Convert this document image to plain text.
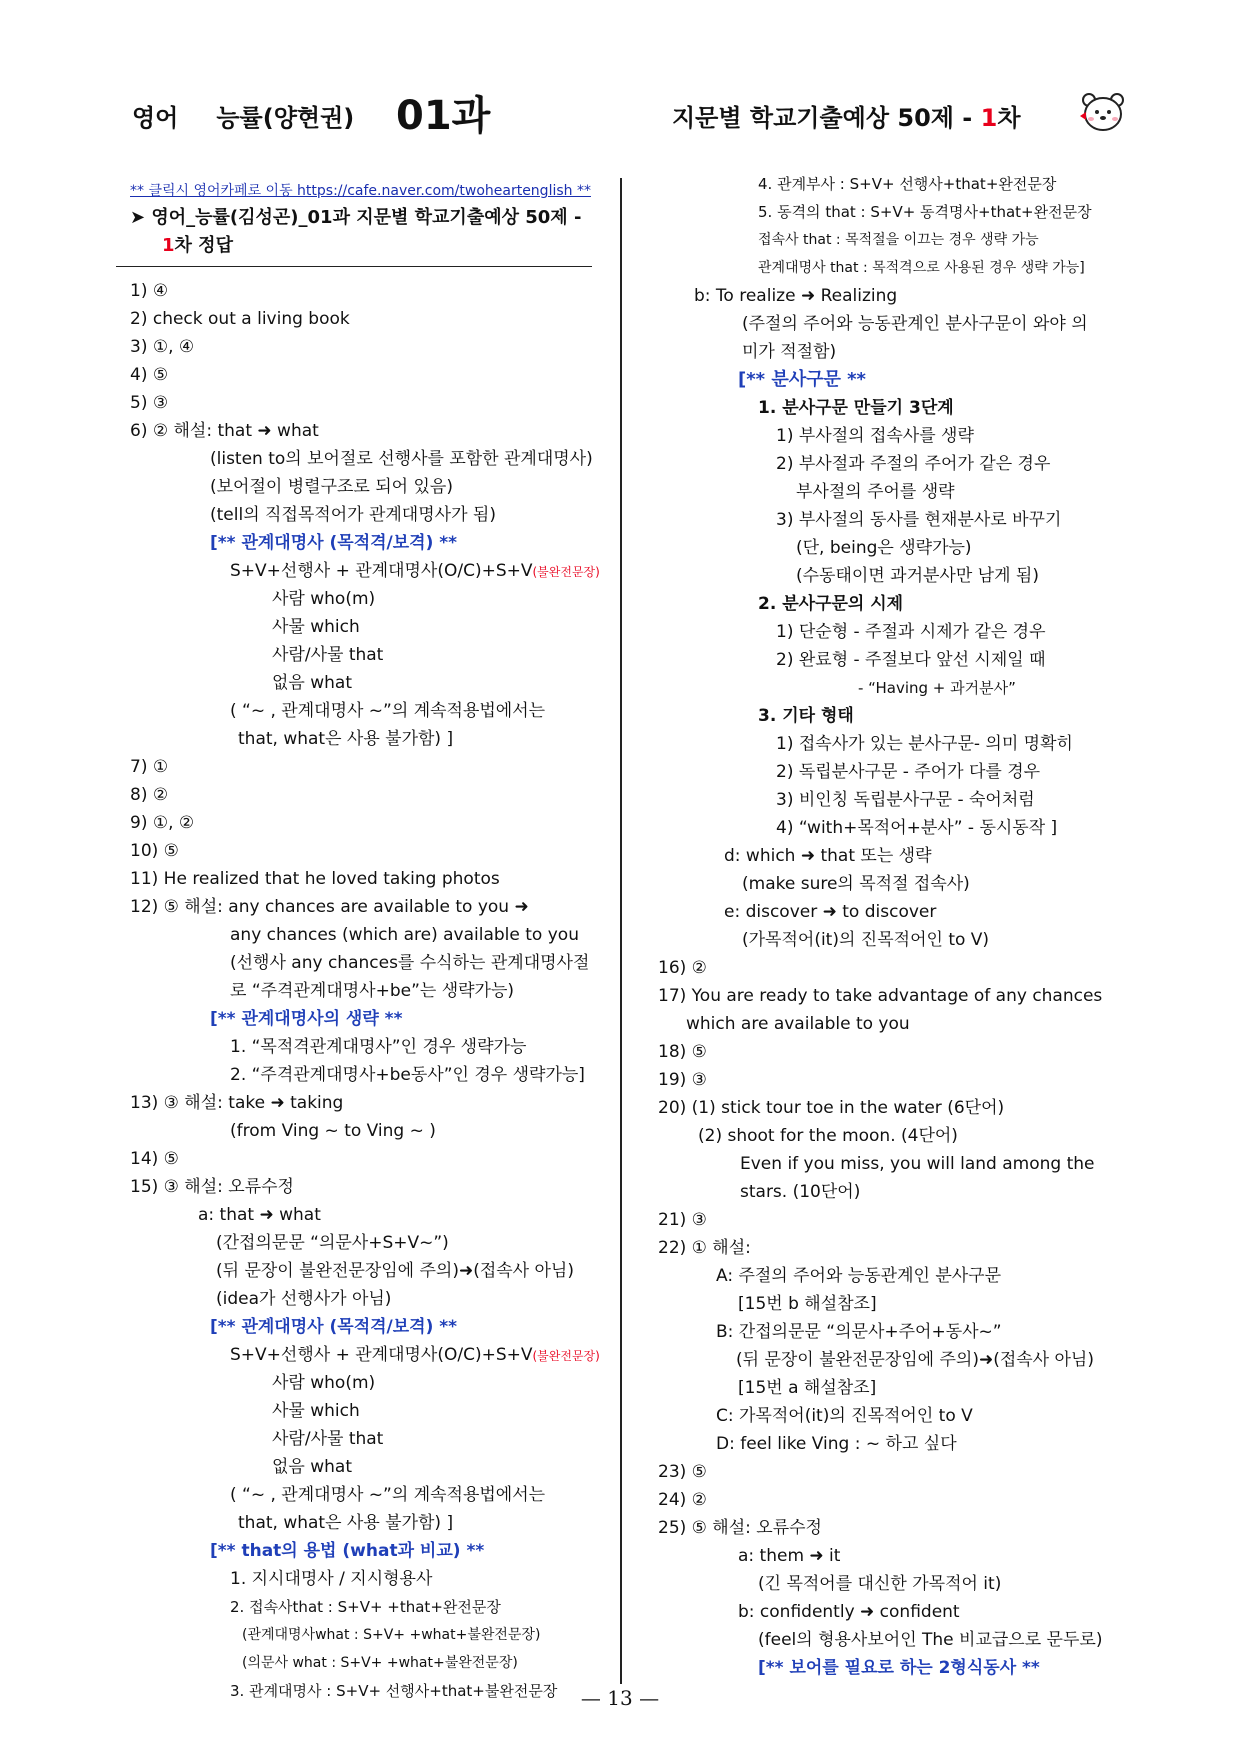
영어 능률(양현권) 01과	지문별 학교기출예상 50제 - 1차
** 클릭시 영어카페로 이동 https://cafe.naver.com/twoheartenglish **
➤ 영어_능률(김성곤)_01과 지문별 학교기출예상 50제 -
1차 정답
1) ④
2) check out a living book
3) ①, ④
4) ⑤
5) ③
6) ② 해설: that ➜ what
(listen to의 보어절로 선행사를 포함한 관계대명사)
(보어절이 병렬구조로 되어 있음)
(tell의 직접목적어가 관계대명사가 됨)
[** 관계대명사 (목적격/보격) **
S+V+선행사 + 관계대명사(O/C)+S+V(불완전문장)
사람 who(m)
사물 which
사람/사물 that
없음 what
( “~ , 관계대명사 ~”의 계속적용법에서는
that, what은 사용 불가함) ]
7) ①
8) ②
9) ①, ②
10) ⑤
11) He realized that he loved taking photos
12) ⑤ 해설: any chances are available to you ➜
any chances (which are) available to you
(선행사 any chances를 수식하는 관계대명사절
로 “주격관계대명사+be”는 생략가능)
[** 관계대명사의 생략 **
1. “목적격관계대명사”인 경우 생략가능
2. “주격관계대명사+be동사”인 경우 생략가능]
13) ③ 해설: take ➜ taking
(from Ving ~ to Ving ~ )
14) ⑤
15) ③ 해설: 오류수정
a: that ➜ what
(간접의문문 “의문사+S+V~”)
(뒤 문장이 불완전문장임에 주의)➜(접속사 아님)
(idea가 선행사가 아님)
[** 관계대명사 (목적격/보격) **
S+V+선행사 + 관계대명사(O/C)+S+V(불완전문장)
사람 who(m)
사물 which
사람/사물 that
없음 what
( “~ , 관계대명사 ~”의 계속적용법에서는
that, what은 사용 불가함) ]
[** that의 용법 (what과 비교) **
1. 지시대명사 / 지시형용사
2. 접속사that : S+V+ +that+완전문장
(관계대명사what : S+V+ +what+불완전문장)
(의문사 what : S+V+ +what+불완전문장)
3. 관계대명사 : S+V+ 선행사+that+불완전문장
4. 관계부사 : S+V+ 선행사+that+완전문장
5. 동격의 that : S+V+ 동격명사+that+완전문장
접속사 that : 목적절을 이끄는 경우 생략 가능
관계대명사 that : 목적격으로 사용된 경우 생략 가능]
b: To realize ➜ Realizing
(주절의 주어와 능동관계인 분사구문이 와야 의
미가 적절함)
[** 분사구문 **
1. 분사구문 만들기 3단계
1) 부사절의 접속사를 생략
2) 부사절과 주절의 주어가 같은 경우
부사절의 주어를 생략
3) 부사절의 동사를 현재분사로 바꾸기
(단, being은 생략가능)
(수동태이면 과거분사만 남게 됨)
2. 분사구문의 시제
1) 단순형 - 주절과 시제가 같은 경우
2) 완료형 - 주절보다 앞선 시제일 때
- “Having + 과거분사”
3. 기타 형태
1) 접속사가 있는 분사구문- 의미 명확히
2) 독립분사구문 - 주어가 다를 경우
3) 비인칭 독립분사구문 - 숙어처럼
4) “with+목적어+분사” - 동시동작 ]
d: which ➜ that 또는 생략
(make sure의 목적절 접속사)
e: discover ➜ to discover
(가목적어(it)의 진목적어인 to V)
16) ②
17) You are ready to take advantage of any chances
which are available to you
18) ⑤
19) ③
20) (1) stick tour toe in the water (6단어)
(2) shoot for the moon. (4단어)
Even if you miss, you will land among the
stars. (10단어)
21) ③
22) ① 해설:
A: 주절의 주어와 능동관계인 분사구문
[15번 b 해설참조]
B: 간접의문문 “의문사+주어+동사~”
(뒤 문장이 불완전문장임에 주의)➜(접속사 아님)
[15번 a 해설참조]
C: 가목적어(it)의 진목적어인 to V
D: feel like Ving : ~ 하고 싶다
23) ⑤
24) ②
25) ⑤ 해설: 오류수정
a: them ➜ it
(긴 목적어를 대신한 가목적어 it)
b: confidently ➜ confident
(feel의 형용사보어인 The 비교급으로 문두로)
[** 보어를 필요로 하는 2형식동사 **
— 13 —
